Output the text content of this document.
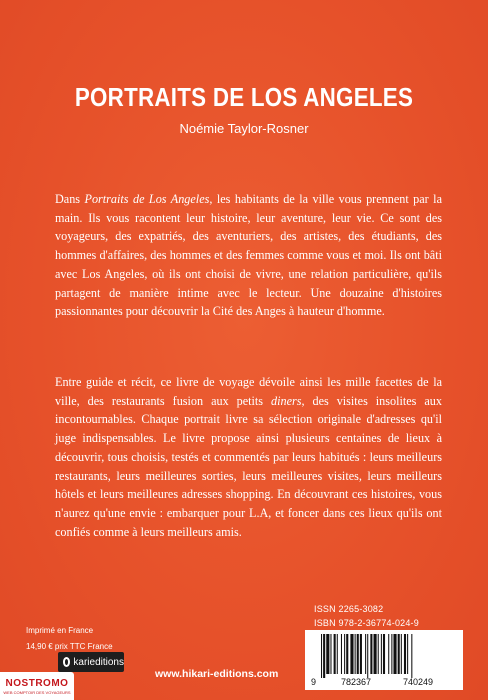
PORTRAITS DE LOS ANGELES
Noémie Taylor-Rosner
Dans Portraits de Los Angeles, les habitants de la ville vous prennent par la main. Ils vous racontent leur histoire, leur aventure, leur vie. Ce sont des voyageurs, des expatriés, des aventuriers, des artistes, des étudiants, des hommes d'affaires, des hommes et des femmes comme vous et moi. Ils ont bâti avec Los Angeles, où ils ont choisi de vivre, une relation particulière, qu'ils partagent de manière intime avec le lecteur. Une douzaine d'histoires passionnantes pour découvrir la Cité des Anges à hauteur d'homme.
Entre guide et récit, ce livre de voyage dévoile ainsi les mille facettes de la ville, des restaurants fusion aux petits diners, des visites insolites aux incontournables. Chaque portrait livre sa sélection originale d'adresses qu'il juge indispensables. Le livre propose ainsi plusieurs centaines de lieux à découvrir, tous choisis, testés et commentés par leurs habitués : leurs meilleurs restaurants, leurs meilleures sorties, leurs meilleures visites, leurs meilleurs hôtels et leurs meilleures adresses shopping. En découvrant ces histoires, vous n'aurez qu'une envie : embarquer pour L.A, et foncer dans ces lieux qu'ils ont confiés comme à leurs meilleurs amis.
ISSN 2265-3082
ISBN 978-2-36774-024-9
9	782367	740249
Imprimé en France
14,90 € prix TTC France
karieditions
www.hikari-editions.com
NOSTROMO
WEB COMPTOIR DES VOYAGEURS
